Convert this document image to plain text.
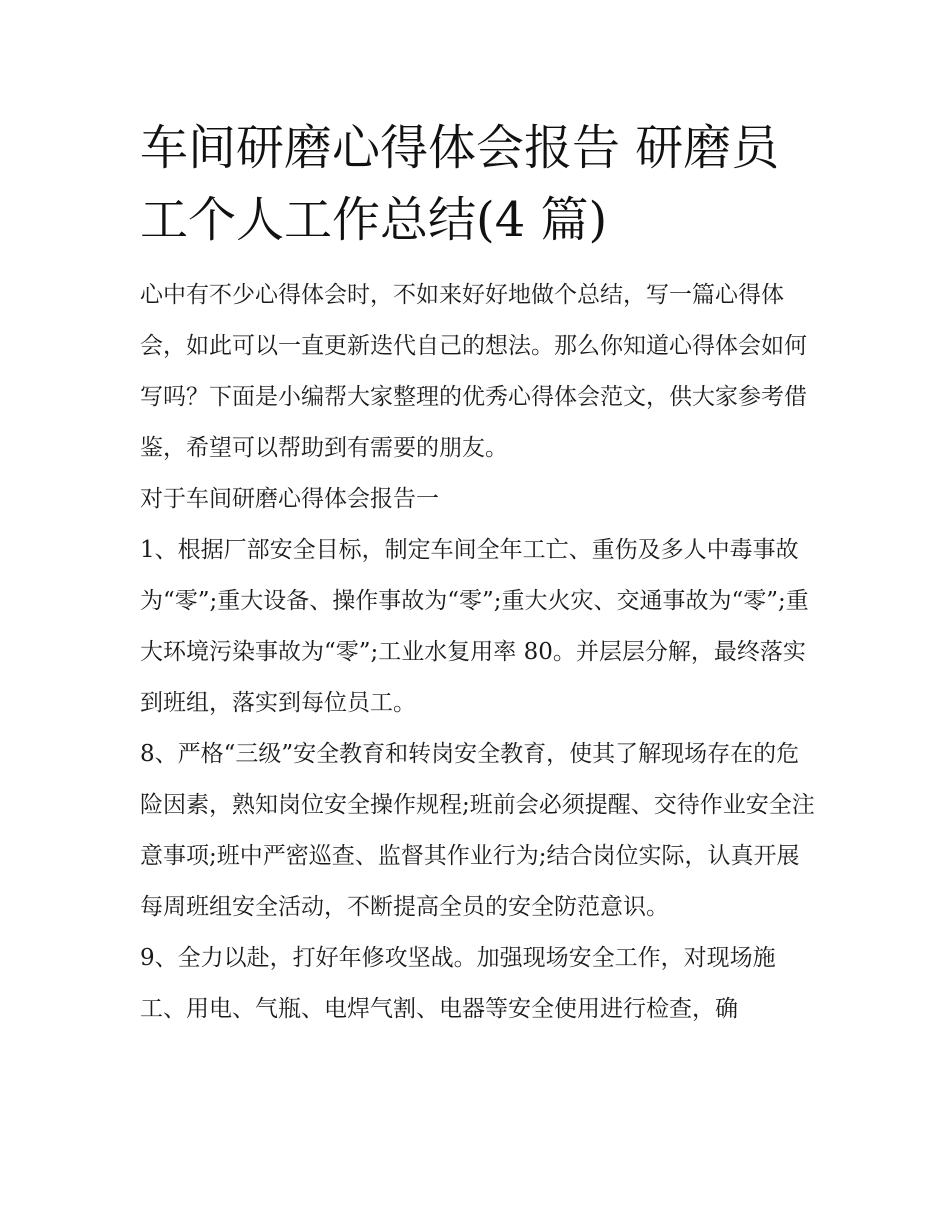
车间研磨心得体会报告 研磨员工个人工作总结(4 篇)

心中有不少心得体会时，不如来好好地做个总结，写一篇心得体会，如此可以一直更新迭代自己的想法。那么你知道心得体会如何写吗？下面是小编帮大家整理的优秀心得体会范文，供大家参考借鉴，希望可以帮助到有需要的朋友。

对于车间研磨心得体会报告一

1、根据厂部安全目标，制定车间全年工亡、重伤及多人中毒事故为“零”;重大设备、操作事故为“零”;重大火灾、交通事故为“零”;重大环境污染事故为“零”;工业水复用率 80。并层层分解，最终落实到班组，落实到每位员工。

8、严格“三级”安全教育和转岗安全教育，使其了解现场存在的危险因素，熟知岗位安全操作规程;班前会必须提醒、交待作业安全注意事项;班中严密巡查、监督其作业行为;结合岗位实际，认真开展每周班组安全活动，不断提高全员的安全防范意识。

9、全力以赴，打好年修攻坚战。加强现场安全工作，对现场施工、用电、气瓶、电焊气割、电器等安全使用进行检查，确
